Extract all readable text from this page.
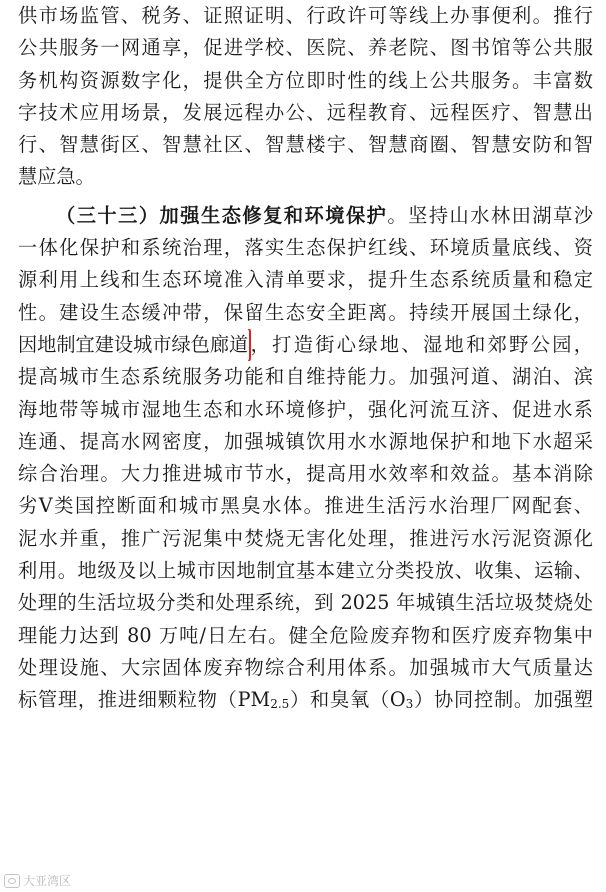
供市场监管、税务、证照证明、行政许可等线上办事便利。推行
公共服务一网通享，促进学校、医院、养老院、图书馆等公共服
务机构资源数字化，提供全方位即时性的线上公共服务。丰富数
字技术应用场景，发展远程办公、远程教育、远程医疗、智慧出
行、智慧街区、智慧社区、智慧楼宇、智慧商圈、智慧安防和智
慧应急。
（三十三）加强生态修复和环境保护。坚持山水林田湖草沙
一体化保护和系统治理，落实生态保护红线、环境质量底线、资
源利用上线和生态环境准入清单要求，提升生态系统质量和稳定
性。建设生态缓冲带，保留生态安全距离。持续开展国土绿化，
因地制宜建设城市绿色廊道，打造街心绿地、湿地和郊野公园，
提高城市生态系统服务功能和自维持能力。加强河道、湖泊、滨
海地带等城市湿地生态和水环境修护，强化河流互济、促进水系
连通、提高水网密度，加强城镇饮用水水源地保护和地下水超采
综合治理。大力推进城市节水，提高用水效率和效益。基本消除
劣Ⅴ类国控断面和城市黑臭水体。推进生活污水治理厂网配套、
泥水并重，推广污泥集中焚烧无害化处理，推进污水污泥资源化
利用。地级及以上城市因地制宜基本建立分类投放、收集、运输、
处理的生活垃圾分类和处理系统，到 2025 年城镇生活垃圾焚烧处
理能力达到 80 万吨/日左右。健全危险废弃物和医疗废弃物集中
处理设施、大宗固体废弃物综合利用体系。加强城市大气质量达
标管理，推进细颗粒物$(PM_{2.5})$和臭氧$(O_3)$协同控制。加强塑
大亚湾区
